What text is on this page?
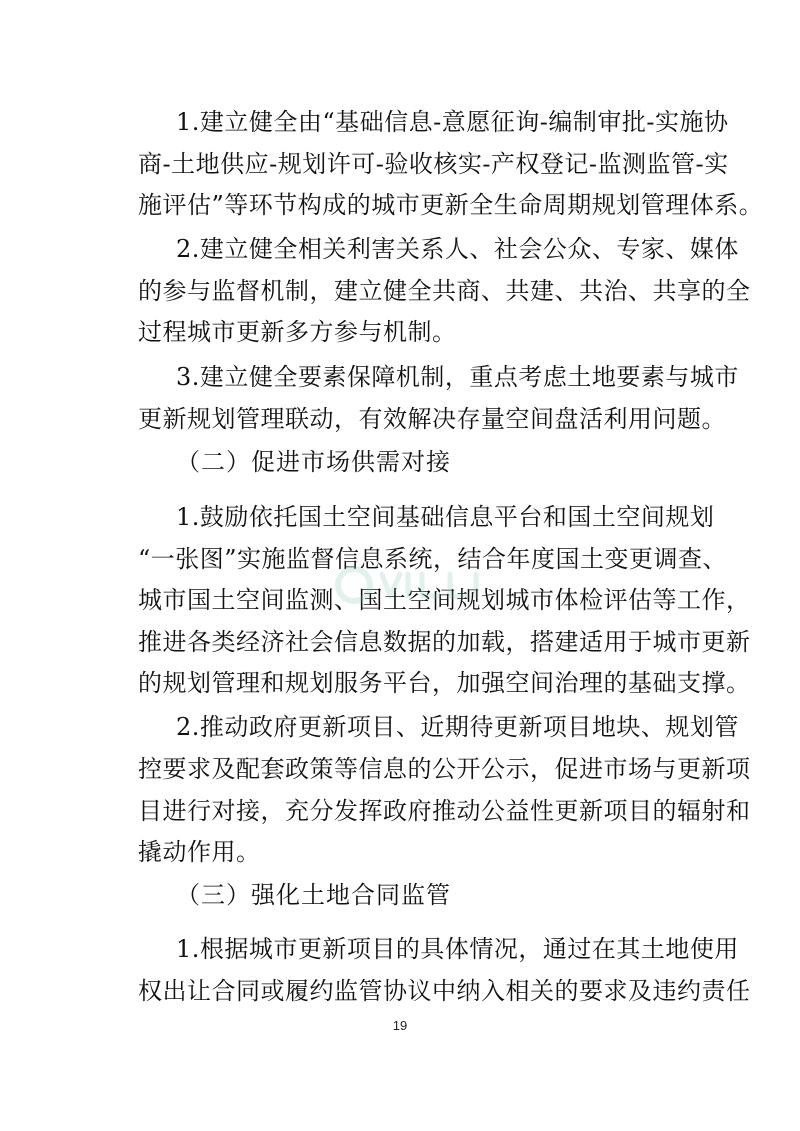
1.建立健全由“基础信息-意愿征询-编制审批-实施协
商-土地供应-规划许可-验收核实-产权登记-监测监管-实
施评估”等环节构成的城市更新全生命周期规划管理体系。
2.建立健全相关利害关系人、社会公众、专家、媒体
的参与监督机制，建立健全共商、共建、共治、共享的全
过程城市更新多方参与机制。
3.建立健全要素保障机制，重点考虑土地要素与城市
更新规划管理联动，有效解决存量空间盘活利用问题。
（二）促进市场供需对接
1.鼓励依托国土空间基础信息平台和国土空间规划
“一张图”实施监督信息系统，结合年度国土变更调查、
城市国土空间监测、国土空间规划城市体检评估等工作，
推进各类经济社会信息数据的加载，搭建适用于城市更新
的规划管理和规划服务平台，加强空间治理的基础支撑。
2.推动政府更新项目、近期待更新项目地块、规划管
控要求及配套政策等信息的公开公示，促进市场与更新项
目进行对接，充分发挥政府推动公益性更新项目的辐射和
撬动作用。
（三）强化土地合同监管
1.根据城市更新项目的具体情况，通过在其土地使用
权出让合同或履约监管协议中纳入相关的要求及违约责任
19
